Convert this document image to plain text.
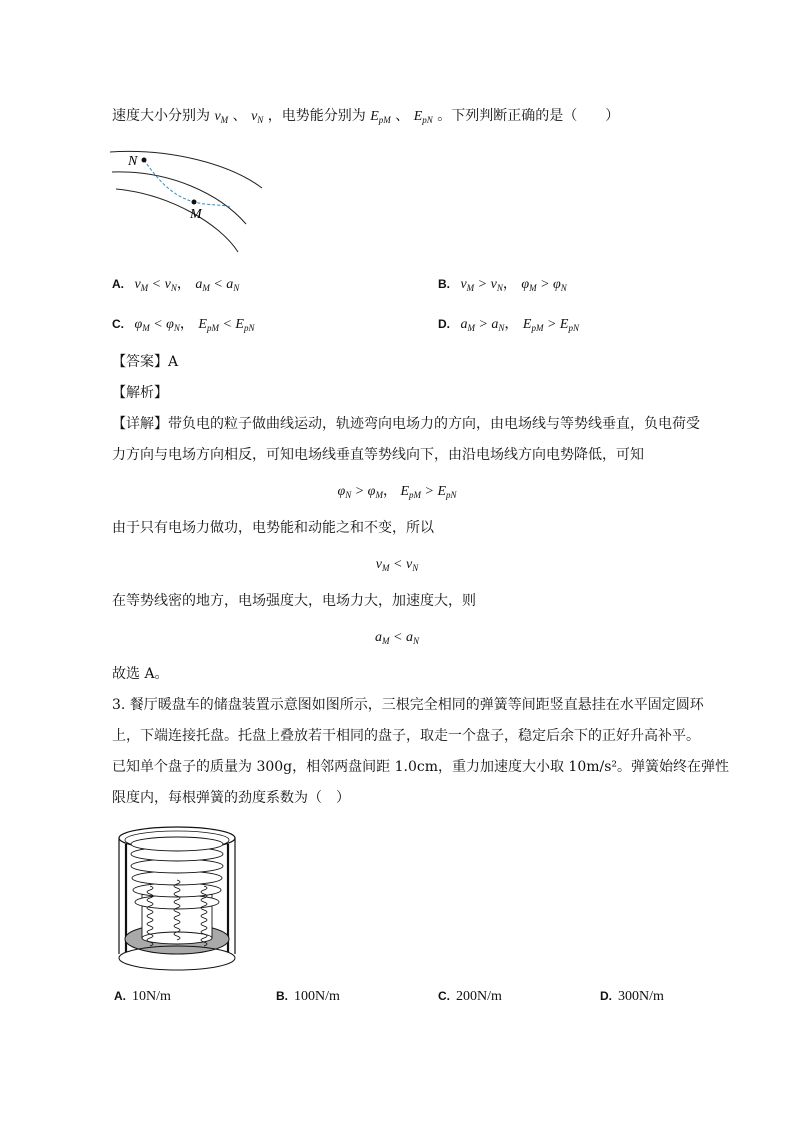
速度大小分别为 $v_M$ 、 $v_N$ ，电势能分别为 $E_{pM}$ 、 $E_{pN}$ 。下列判断正确的是（　　）
N
M
A. $v_M < v_N$， $a_M < a_N$	B. $v_M > v_N$， $\varphi_M > \varphi_N$
C. $\varphi_M < \varphi_N$， $E_{pM} < E_{pN}$	D. $a_M > a_N$， $E_{pM} > E_{pN}$
【答案】A
【解析】
【详解】带负电的粒子做曲线运动，轨迹弯向电场力的方向，由电场线与等势线垂直，负电荷受
力方向与电场方向相反，可知电场线垂直等势线向下，由沿电场线方向电势降低，可知
$\varphi_N > \varphi_M$， $E_{pM} > E_{pN}$
由于只有电场力做功，电势能和动能之和不变，所以
$v_M < v_N$
在等势线密的地方，电场强度大，电场力大，加速度大，则
$a_M < a_N$
故选 A。
3. 餐厅暖盘车的储盘装置示意图如图所示，三根完全相同的弹簧等间距竖直悬挂在水平固定圆环
上，下端连接托盘。托盘上叠放若干相同的盘子，取走一个盘子，稳定后余下的正好升高补平。
已知单个盘子的质量为 300g，相邻两盘间距 1.0cm，重力加速度大小取 10m/s²。弹簧始终在弹性
限度内，每根弹簧的劲度系数为（　）
A. 10N/m	B. 100N/m	C. 200N/m	D. 300N/m
